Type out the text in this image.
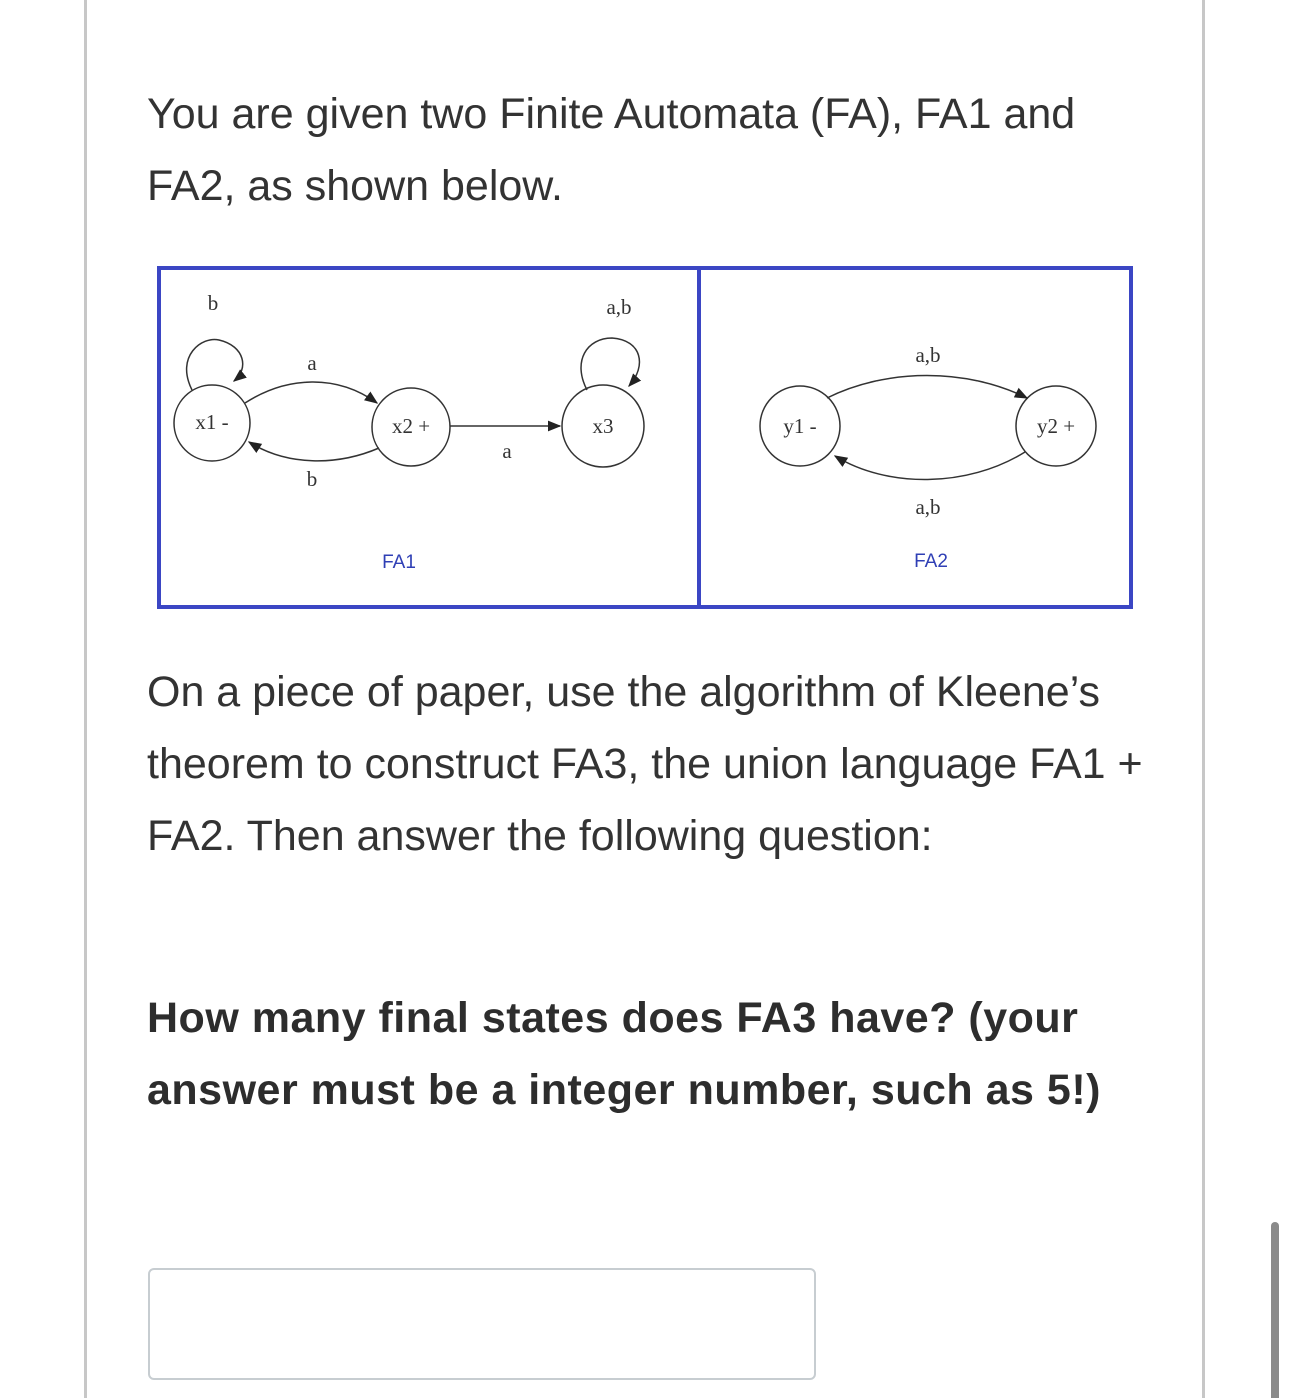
You are given two Finite Automata (FA), FA1 and FA2, as shown below.

x1 -	x2 +	x3
b
a
b
a
a,b
FA1
y1 -	y2 +
a,b
a,b
FA2

On a piece of paper, use the algorithm of Kleene’s theorem to construct FA3, the union language FA1 + FA2. Then answer the following question:

How many final states does FA3 have? (your answer must be a integer number, such as 5!)
